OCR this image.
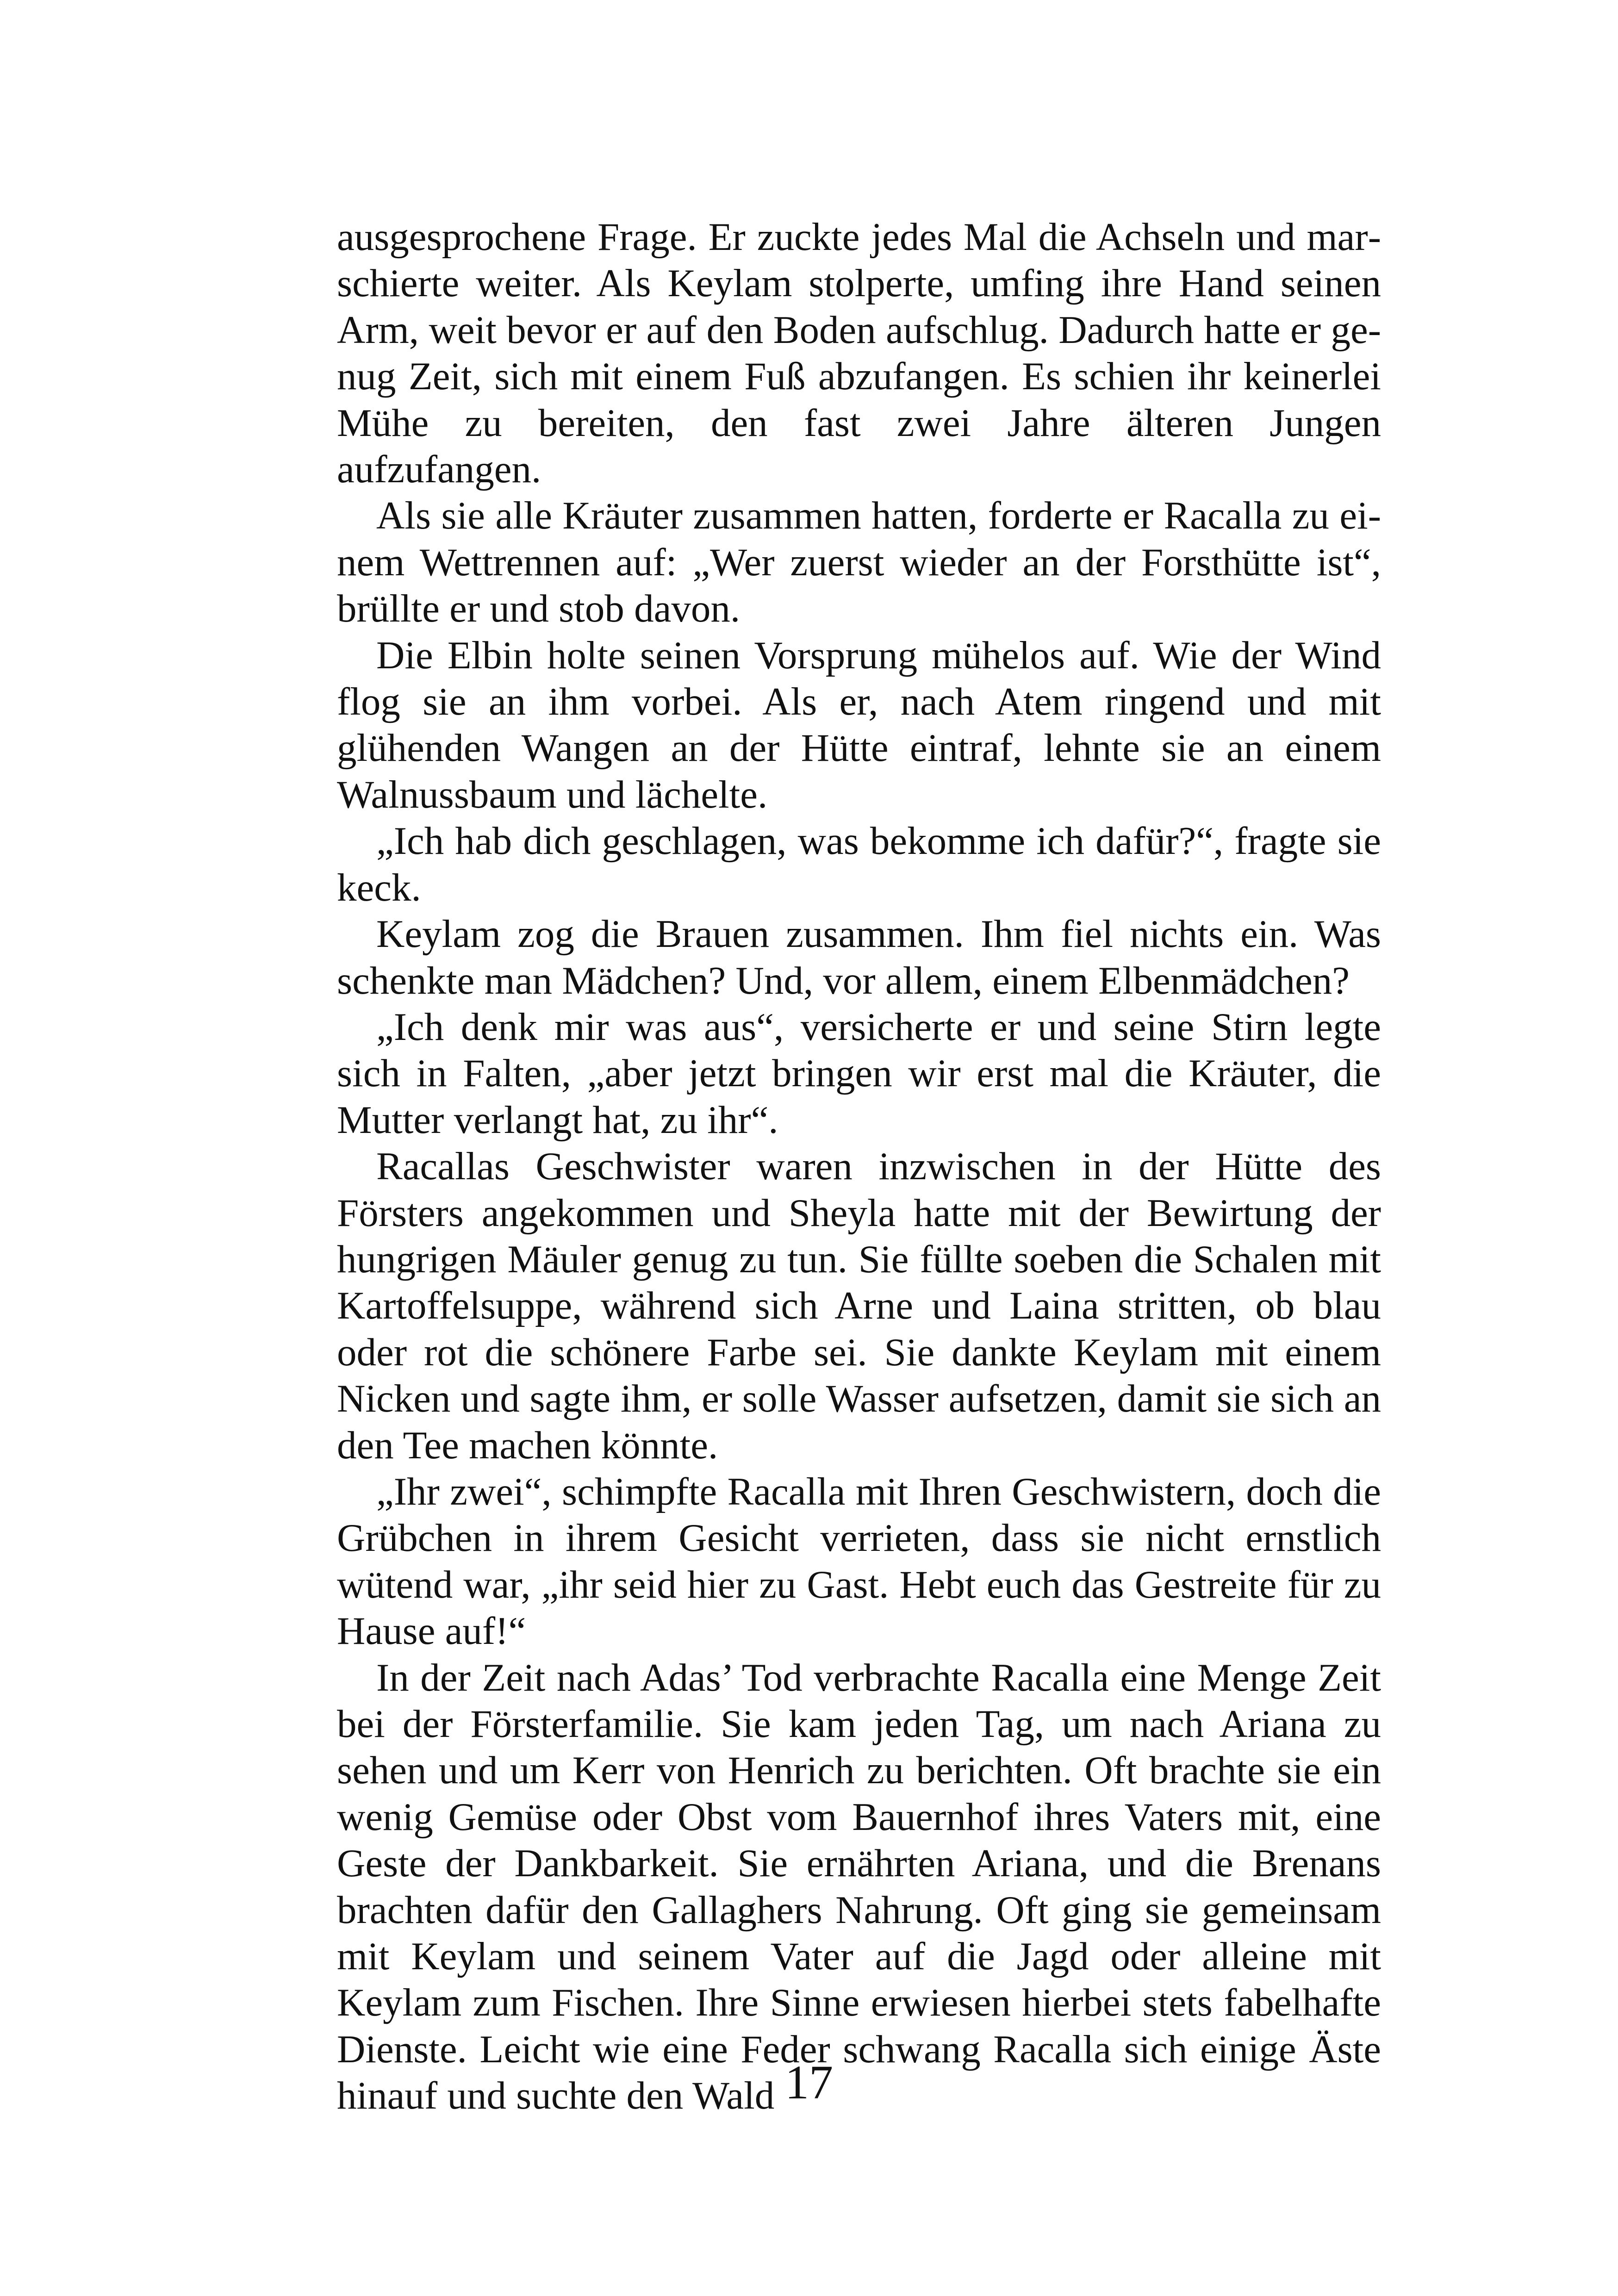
ausgesprochene Frage. Er zuckte jedes Mal die Achseln und marschierte weiter. Als Keylam stolperte, umfing ihre Hand seinen Arm, weit bevor er auf den Boden aufschlug. Dadurch hatte er genug Zeit, sich mit einem Fuß abzufangen. Es schien ihr keinerlei Mühe zu bereiten, den fast zwei Jahre älteren Jungen aufzufangen.

Als sie alle Kräuter zusammen hatten, forderte er Racalla zu einem Wettrennen auf: „Wer zuerst wieder an der Forsthütte ist“, brüllte er und stob davon.

Die Elbin holte seinen Vorsprung mühelos auf. Wie der Wind flog sie an ihm vorbei. Als er, nach Atem ringend und mit glühenden Wangen an der Hütte eintraf, lehnte sie an einem Walnussbaum und lächelte.

„Ich hab dich geschlagen, was bekomme ich dafür?“, fragte sie keck.

Keylam zog die Brauen zusammen. Ihm fiel nichts ein. Was schenkte man Mädchen? Und, vor allem, einem Elbenmädchen?

„Ich denk mir was aus“, versicherte er und seine Stirn legte sich in Falten, „aber jetzt bringen wir erst mal die Kräuter, die Mutter verlangt hat, zu ihr“.

Racallas Geschwister waren inzwischen in der Hütte des Försters angekommen und Sheyla hatte mit der Bewirtung der hungrigen Mäuler genug zu tun. Sie füllte soeben die Schalen mit Kartoffelsuppe, während sich Arne und Laina stritten, ob blau oder rot die schönere Farbe sei. Sie dankte Keylam mit einem Nicken und sagte ihm, er solle Wasser aufsetzen, damit sie sich an den Tee machen könnte.

„Ihr zwei“, schimpfte Racalla mit Ihren Geschwistern, doch die Grübchen in ihrem Gesicht verrieten, dass sie nicht ernstlich wütend war, „ihr seid hier zu Gast. Hebt euch das Gestreite für zu Hause auf!“

In der Zeit nach Adas’ Tod verbrachte Racalla eine Menge Zeit bei der Försterfamilie. Sie kam jeden Tag, um nach Ariana zu sehen und um Kerr von Henrich zu berichten. Oft brachte sie ein wenig Gemüse oder Obst vom Bauernhof ihres Vaters mit, eine Geste der Dankbarkeit. Sie ernährten Ariana, und die Brenans brachten dafür den Gallaghers Nahrung. Oft ging sie gemeinsam mit Keylam und seinem Vater auf die Jagd oder alleine mit Keylam zum Fischen. Ihre Sinne erwiesen hierbei stets fabelhafte Dienste. Leicht wie eine Feder schwang Racalla sich einige Äste hinauf und suchte den Wald 17
